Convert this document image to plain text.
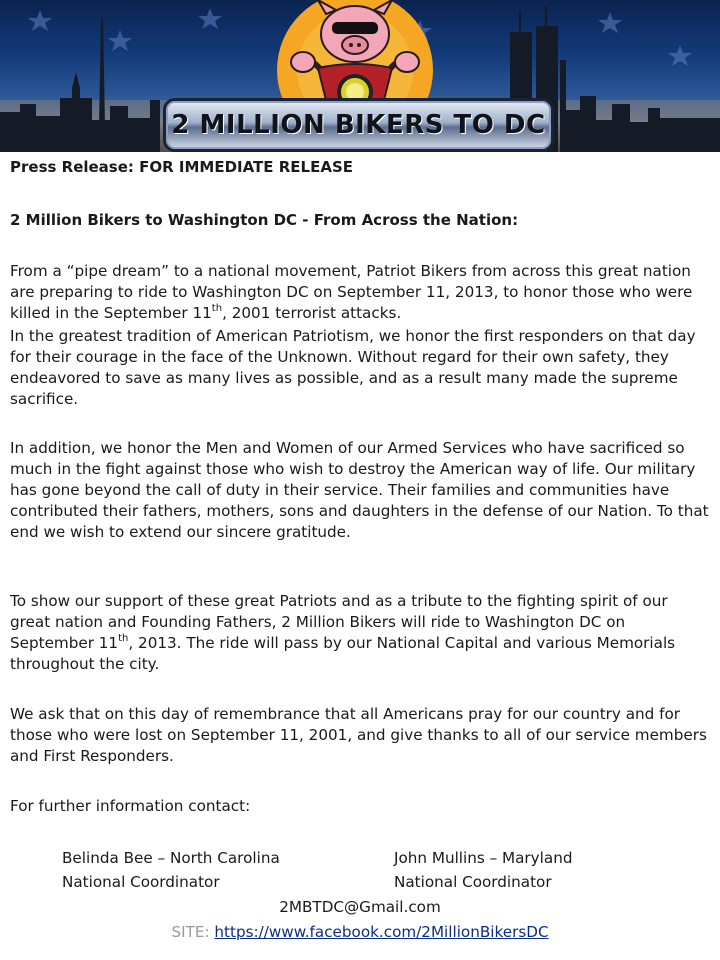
2 MILLION BIKERS TO DC
Press Release: FOR IMMEDIATE RELEASE
2 Million Bikers to Washington DC - From Across the Nation:

From a “pipe dream” to a national movement, Patriot Bikers from across this great nation are preparing to ride to Washington DC on September 11, 2013, to honor those who were killed in the September 11th, 2001 terrorist attacks.

In the greatest tradition of American Patriotism, we honor the first responders on that day for their courage in the face of the Unknown. Without regard for their own safety, they endeavored to save as many lives as possible, and as a result many made the supreme sacrifice.

In addition, we honor the Men and Women of our Armed Services who have sacrificed so much in the fight against those who wish to destroy the American way of life. Our military has gone beyond the call of duty in their service. Their families and communities have contributed their fathers, mothers, sons and daughters in the defense of our Nation. To that end we wish to extend our sincere gratitude.

To show our support of these great Patriots and as a tribute to the fighting spirit of our great nation and Founding Fathers, 2 Million Bikers will ride to Washington DC on September 11th, 2013. The ride will pass by our National Capital and various Memorials throughout the city.

We ask that on this day of remembrance that all Americans pray for our country and for those who were lost on September 11, 2001, and give thanks to all of our service members and First Responders.

For further information contact:
Belinda Bee – North Carolina
National Coordinator
John Mullins – Maryland
National Coordinator
2MBTDC@Gmail.com
SITE: https://www.facebook.com/2MillionBikersDC
